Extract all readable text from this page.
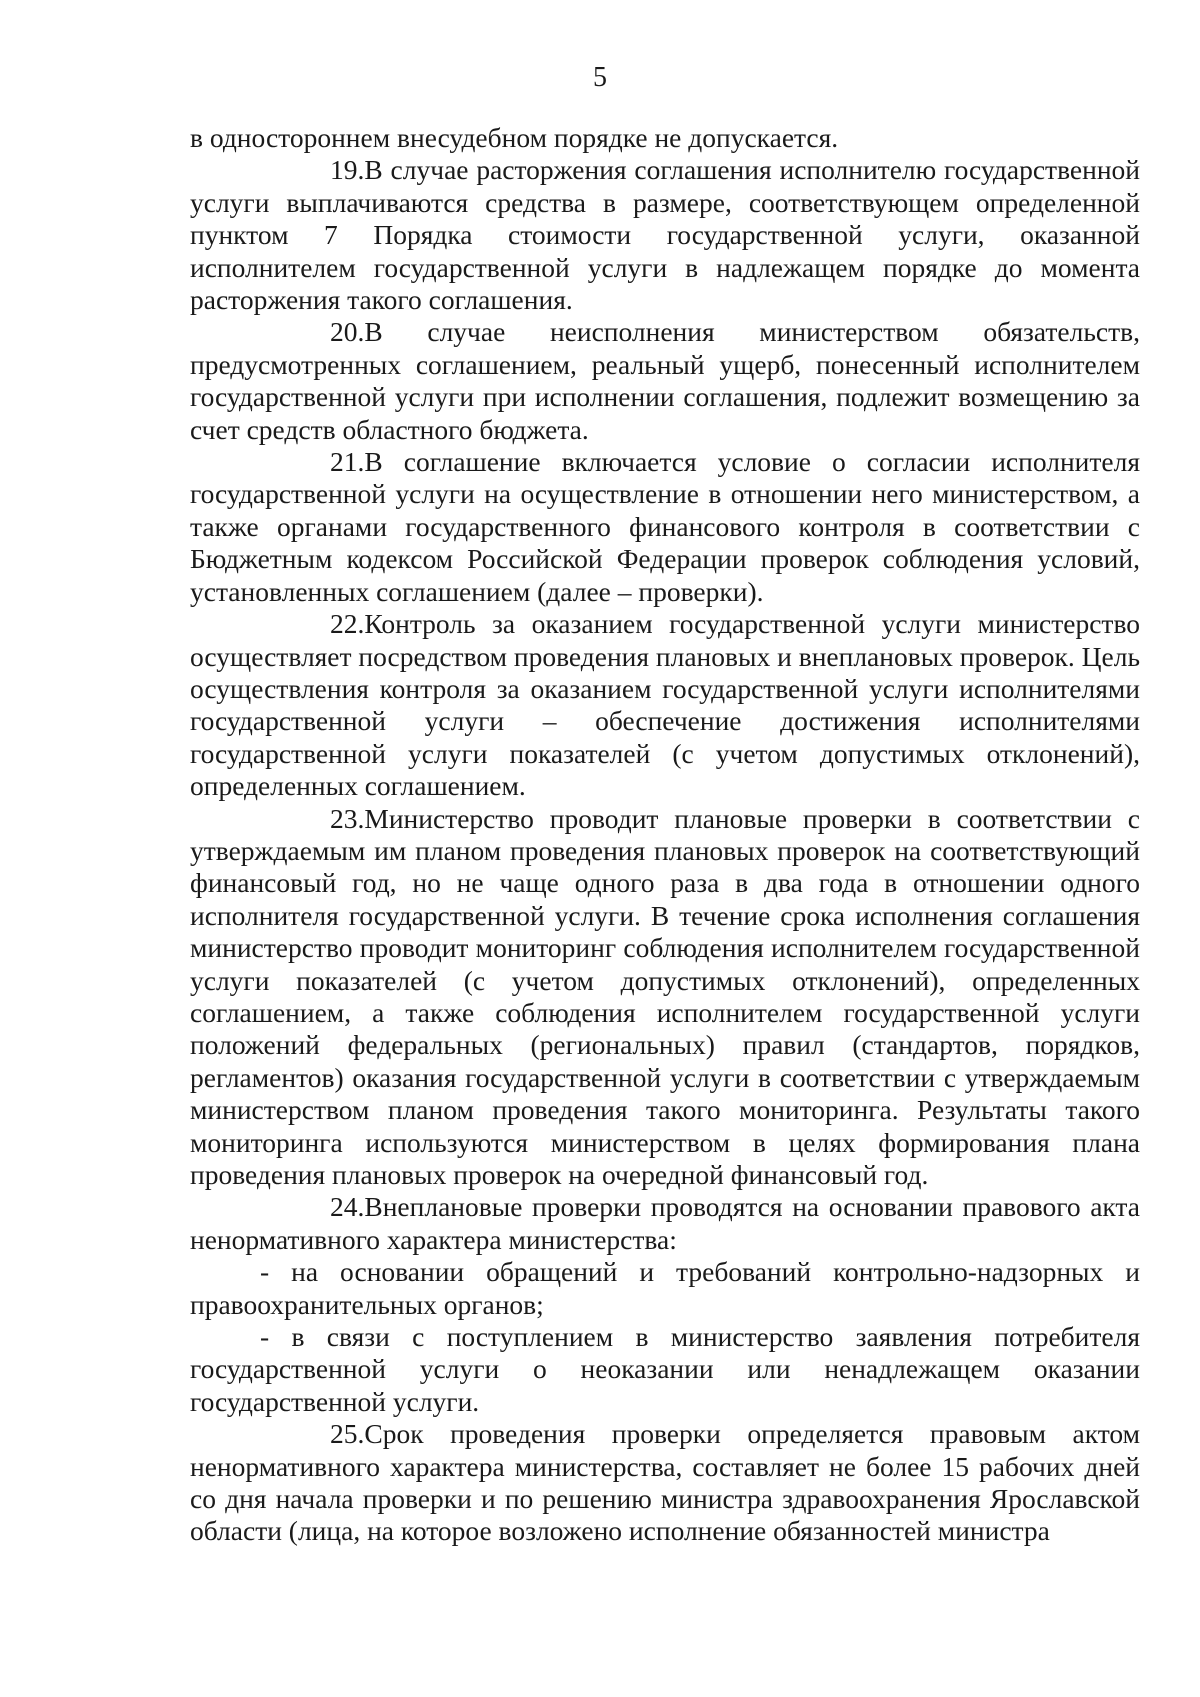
5

в одностороннем внесудебном порядке не допускается.

19.В случае расторжения соглашения исполнителю государственной услуги выплачиваются средства в размере, соответствующем определенной пунктом 7 Порядка стоимости государственной услуги, оказанной исполнителем государственной услуги в надлежащем порядке до момента расторжения такого соглашения.

20.В случае неисполнения министерством обязательств, предусмотренных соглашением, реальный ущерб, понесенный исполнителем государственной услуги при исполнении соглашения, подлежит возмещению за счет средств областного бюджета.

21.В соглашение включается условие о согласии исполнителя государственной услуги на осуществление в отношении него министерством, а также органами государственного финансового контроля в соответствии с Бюджетным кодексом Российской Федерации проверок соблюдения условий, установленных соглашением (далее – проверки).

22.Контроль за оказанием государственной услуги министерство осуществляет посредством проведения плановых и внеплановых проверок. Цель осуществления контроля за оказанием государственной услуги исполнителями государственной услуги – обеспечение достижения исполнителями государственной услуги показателей (с учетом допустимых отклонений), определенных соглашением.

23.Министерство проводит плановые проверки в соответствии с утверждаемым им планом проведения плановых проверок на соответствующий финансовый год, но не чаще одного раза в два года в отношении одного исполнителя государственной услуги. В течение срока исполнения соглашения министерство проводит мониторинг соблюдения исполнителем государственной услуги показателей (с учетом допустимых отклонений), определенных соглашением, а также соблюдения исполнителем государственной услуги положений федеральных (региональных) правил (стандартов, порядков, регламентов) оказания государственной услуги в соответствии с утверждаемым министерством планом проведения такого мониторинга. Результаты такого мониторинга используются министерством в целях формирования плана проведения плановых проверок на очередной финансовый год.

24.Внеплановые проверки проводятся на основании правового акта ненормативного характера министерства:

- на основании обращений и требований контрольно-надзорных и правоохранительных органов;

- в связи с поступлением в министерство заявления потребителя государственной услуги о неоказании или ненадлежащем оказании государственной услуги.

25.Срок проведения проверки определяется правовым актом ненормативного характера министерства, составляет не более 15 рабочих дней со дня начала проверки и по решению министра здравоохранения Ярославской области (лица, на которое возложено исполнение обязанностей министра
